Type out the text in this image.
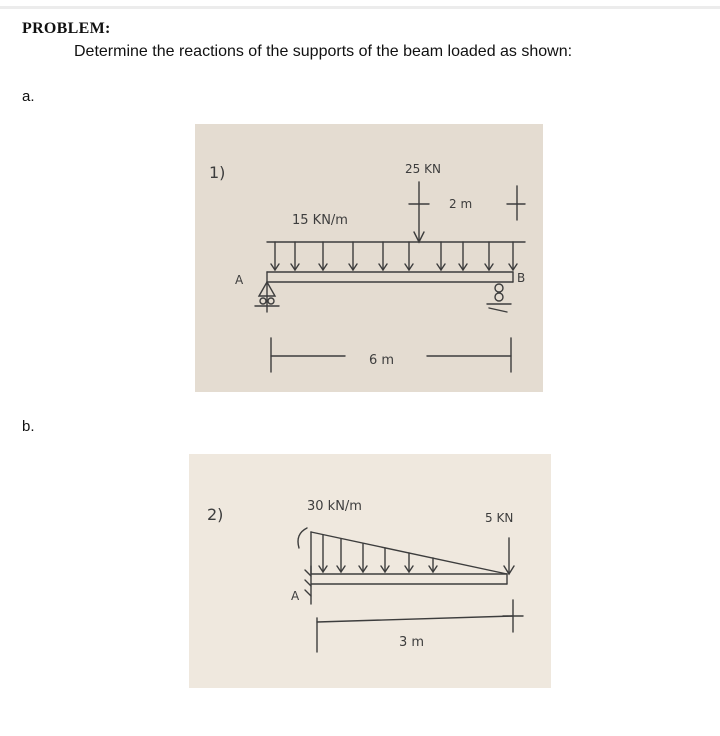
PROBLEM:
Determine the reactions of the supports of the beam loaded as shown:
a.
b.
1)
15 KN/m
25 KN
2 m
A	B
6 m
2)	30 kN/m
5 KN
A
3 m
